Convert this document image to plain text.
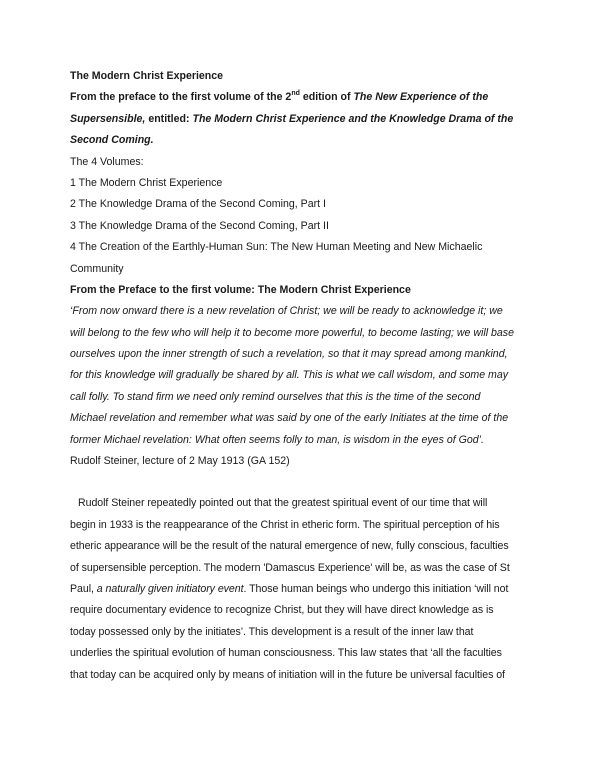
The Modern Christ Experience
From the preface to the first volume of the 2nd edition of The New Experience of the
Supersensible, entitled: The Modern Christ Experience and the Knowledge Drama of the
Second Coming.
The 4 Volumes:
1 The Modern Christ Experience
2 The Knowledge Drama of the Second Coming, Part I
3 The Knowledge Drama of the Second Coming, Part II
4 The Creation of the Earthly-Human Sun: The New Human Meeting and New Michaelic
Community
From the Preface to the first volume: The Modern Christ Experience
‘From now onward there is a new revelation of Christ; we will be ready to acknowledge it; we
will belong to the few who will help it to become more powerful, to become lasting; we will base
ourselves upon the inner strength of such a revelation, so that it may spread among mankind,
for this knowledge will gradually be shared by all. This is what we call wisdom, and some may
call folly. To stand firm we need only remind ourselves that this is the time of the second
Michael revelation and remember what was said by one of the early Initiates at the time of the
former Michael revelation: What often seems folly to man, is wisdom in the eyes of God’.
Rudolf Steiner, lecture of 2 May 1913 (GA 152)
Rudolf Steiner repeatedly pointed out that the greatest spiritual event of our time that will
begin in 1933 is the reappearance of the Christ in etheric form. The spiritual perception of his
etheric appearance will be the result of the natural emergence of new, fully conscious, faculties
of supersensible perception. The modern 'Damascus Experience' will be, as was the case of St
Paul, a naturally given initiatory event. Those human beings who undergo this initiation ‘will not
require documentary evidence to recognize Christ, but they will have direct knowledge as is
today possessed only by the initiates’. This development is a result of the inner law that
underlies the spiritual evolution of human consciousness. This law states that ‘all the faculties
that today can be acquired only by means of initiation will in the future be universal faculties of
